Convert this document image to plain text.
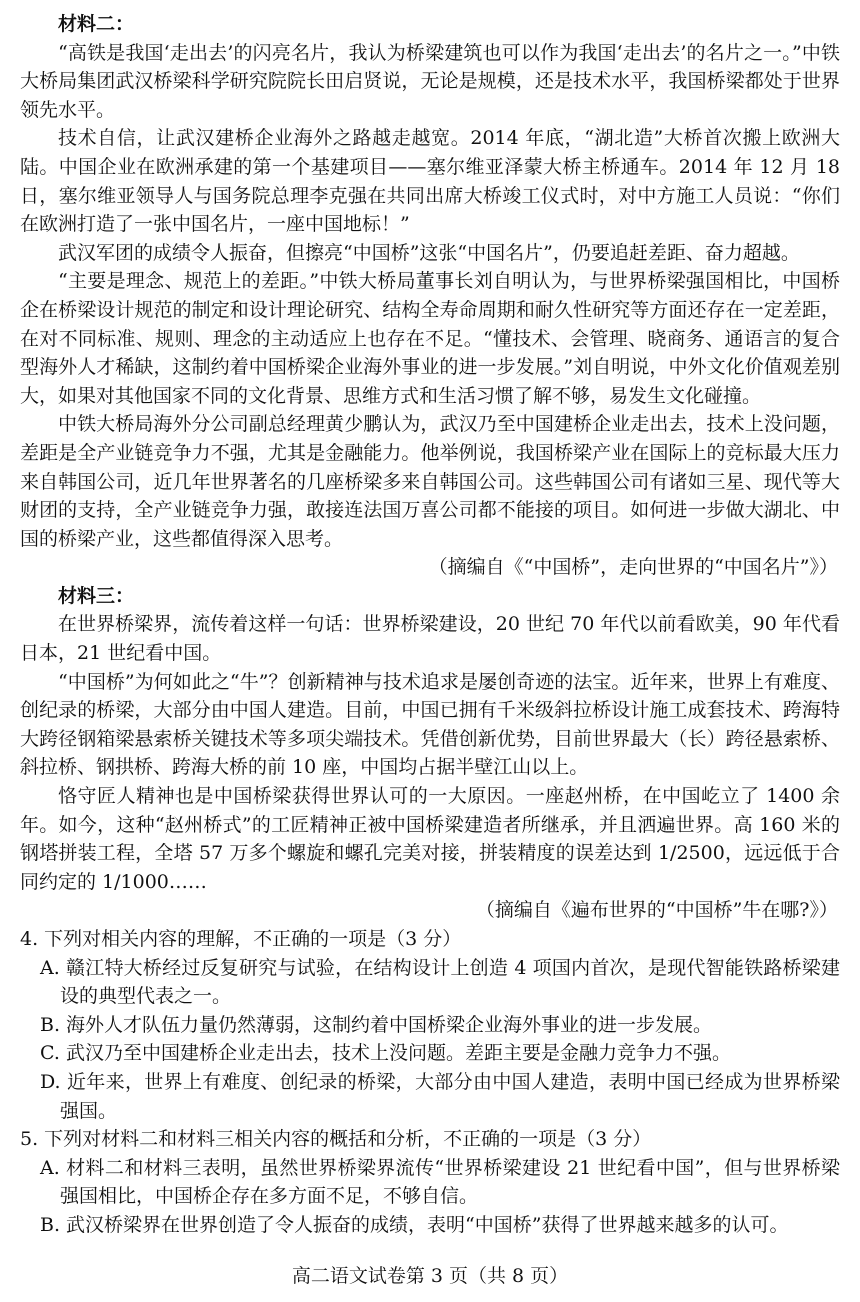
材料二：

“高铁是我国‘走出去’的闪亮名片，我认为桥梁建筑也可以作为我国‘走出去’的名片之一。”中铁大桥局集团武汉桥梁科学研究院院长田启贤说，无论是规模，还是技术水平，我国桥梁都处于世界领先水平。

技术自信，让武汉建桥企业海外之路越走越宽。2014 年底，“湖北造”大桥首次搬上欧洲大陆。中国企业在欧洲承建的第一个基建项目——塞尔维亚泽蒙大桥主桥通车。2014 年 12 月 18 日，塞尔维亚领导人与国务院总理李克强在共同出席大桥竣工仪式时，对中方施工人员说：“你们在欧洲打造了一张中国名片，一座中国地标！”

武汉军团的成绩令人振奋，但擦亮“中国桥”这张“中国名片”，仍要追赶差距、奋力超越。

“主要是理念、规范上的差距。”中铁大桥局董事长刘自明认为，与世界桥梁强国相比，中国桥企在桥梁设计规范的制定和设计理论研究、结构全寿命周期和耐久性研究等方面还存在一定差距，在对不同标准、规则、理念的主动适应上也存在不足。“懂技术、会管理、晓商务、通语言的复合型海外人才稀缺，这制约着中国桥梁企业海外事业的进一步发展。”刘自明说，中外文化价值观差别大，如果对其他国家不同的文化背景、思维方式和生活习惯了解不够，易发生文化碰撞。

中铁大桥局海外分公司副总经理黄少鹏认为，武汉乃至中国建桥企业走出去，技术上没问题，差距是全产业链竞争力不强，尤其是金融能力。他举例说，我国桥梁产业在国际上的竞标最大压力来自韩国公司，近几年世界著名的几座桥梁多来自韩国公司。这些韩国公司有诸如三星、现代等大财团的支持，全产业链竞争力强，敢接连法国万喜公司都不能接的项目。如何进一步做大湖北、中国的桥梁产业，这些都值得深入思考。

（摘编自《“中国桥”，走向世界的“中国名片”》）

材料三：

在世界桥梁界，流传着这样一句话：世界桥梁建设，20 世纪 70 年代以前看欧美，90 年代看日本，21 世纪看中国。

“中国桥”为何如此之“牛”？创新精神与技术追求是屡创奇迹的法宝。近年来，世界上有难度、创纪录的桥梁，大部分由中国人建造。目前，中国已拥有千米级斜拉桥设计施工成套技术、跨海特大跨径钢箱梁悬索桥关键技术等多项尖端技术。凭借创新优势，目前世界最大（长）跨径悬索桥、斜拉桥、钢拱桥、跨海大桥的前 10 座，中国均占据半壁江山以上。

恪守匠人精神也是中国桥梁获得世界认可的一大原因。一座赵州桥，在中国屹立了 1400 余年。如今，这种“赵州桥式”的工匠精神正被中国桥梁建造者所继承，并且洒遍世界。高 160 米的钢塔拼装工程，全塔 57 万多个螺旋和螺孔完美对接，拼装精度的误差达到 1/2500，远远低于合同约定的 1/1000……

（摘编自《遍布世界的“中国桥”牛在哪?》）

4. 下列对相关内容的理解，不正确的一项是（3 分）

A. 赣江特大桥经过反复研究与试验，在结构设计上创造 4 项国内首次，是现代智能铁路桥梁建设的典型代表之一。

B. 海外人才队伍力量仍然薄弱，这制约着中国桥梁企业海外事业的进一步发展。

C. 武汉乃至中国建桥企业走出去，技术上没问题。差距主要是金融力竞争力不强。

D. 近年来，世界上有难度、创纪录的桥梁，大部分由中国人建造，表明中国已经成为世界桥梁强国。

5. 下列对材料二和材料三相关内容的概括和分析，不正确的一项是（3 分）

A. 材料二和材料三表明，虽然世界桥梁界流传“世界桥梁建设 21 世纪看中国”，但与世界桥梁强国相比，中国桥企存在多方面不足，不够自信。

B. 武汉桥梁界在世界创造了令人振奋的成绩，表明“中国桥”获得了世界越来越多的认可。

高二语文试卷第 3 页（共 8 页）
